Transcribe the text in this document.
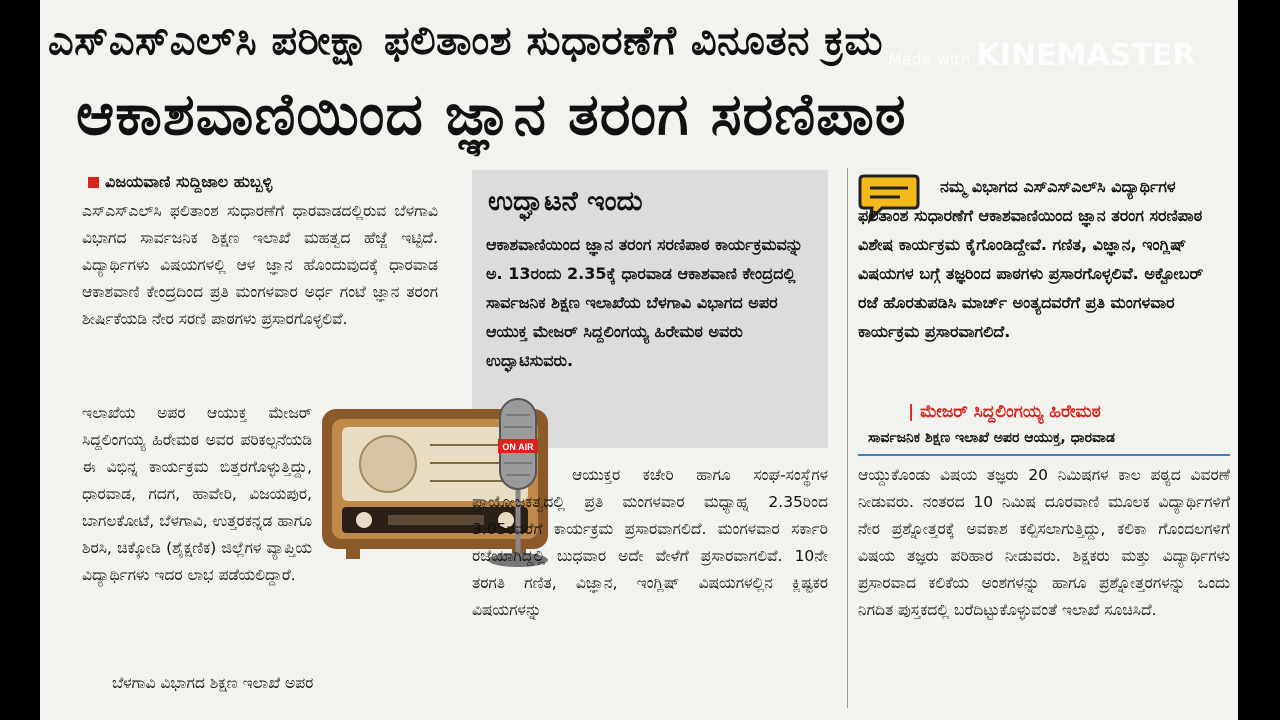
ಎಸ್‌ಎಸ್‌ಎಲ್‌ಸಿ ಪರೀಕ್ಷಾ ಫಲಿತಾಂಶ ಸುಧಾರಣೆಗೆ ವಿನೂತನ ಕ್ರಮ
ಆಕಾಶವಾಣಿಯಿಂದ ಜ್ಞಾನ ತರಂಗ ಸರಣಿಪಾಠ
Made with KINEMASTER
ವಿಜಯವಾಣಿ ಸುದ್ದಿಜಾಲ ಹುಬ್ಬಳ್ಳಿ

ಎಸ್‌ಎಸ್‌ಎಲ್‌ಸಿ ಫಲಿತಾಂಶ ಸುಧಾರಣೆಗೆ ಧಾರವಾಡದಲ್ಲಿರುವ ಬೆಳಗಾವಿ ವಿಭಾಗದ ಸಾರ್ವಜನಿಕ ಶಿಕ್ಷಣ ಇಲಾಖೆ ಮಹತ್ವದ ಹೆಜ್ಜೆ ಇಟ್ಟಿದೆ. ವಿದ್ಯಾರ್ಥಿಗಳು ವಿಷಯಗಳಲ್ಲಿ ಆಳ ಜ್ಞಾನ ಹೊಂದುವುದಕ್ಕೆ ಧಾರವಾಡ ಆಕಾಶವಾಣಿ ಕೇಂದ್ರದಿಂದ ಪ್ರತಿ ಮಂಗಳವಾರ ಅರ್ಧ ಗಂಟೆ ಜ್ಞಾನ ತರಂಗ ಶೀರ್ಷಿಕೆಯಡಿ ನೇರ ಸರಣಿ ಪಾಠಗಳು ಪ್ರಸಾರಗೊಳ್ಳಲಿವೆ.

ಇಲಾಖೆಯ ಅಪರ ಆಯುಕ್ತ ಮೇಜರ್ ಸಿದ್ದಲಿಂಗಯ್ಯ ಹಿರೇಮಠ ಅವರ ಪರಿಕಲ್ಪನೆಯಡಿ ಈ ವಿಭಿನ್ನ ಕಾರ್ಯಕ್ರಮ ಬಿತ್ತರಗೊಳ್ಳುತ್ತಿದ್ದು, ಧಾರವಾಡ, ಗದಗ, ಹಾವೇರಿ, ವಿಜಯಪುರ, ಬಾಗಲಕೋಟೆ, ಬೆಳಗಾವಿ, ಉತ್ತರಕನ್ನಡ ಹಾಗೂ ಶಿರಸಿ, ಚಿಕ್ಕೋಡಿ (ಶೈಕ್ಷಣಿಕ) ಜಿಲ್ಲೆಗಳ ವ್ಯಾಪ್ತಿಯ ವಿದ್ಯಾರ್ಥಿಗಳು ಇದರ ಲಾಭ ಪಡೆಯಲಿದ್ದಾರೆ.

ಬೆಳಗಾವಿ ವಿಭಾಗದ ಶಿಕ್ಷಣ ಇಲಾಖೆ ಅಪರ

ಉದ್ಘಾಟನೆ ಇಂದು
ಆಕಾಶವಾಣಿಯಿಂದ ಜ್ಞಾನ ತರಂಗ ಸರಣಿಪಾಠ ಕಾರ್ಯಕ್ರಮವನ್ನು ಅ. 13ರಂದು 2.35ಕ್ಕೆ ಧಾರವಾಡ ಆಕಾಶವಾಣಿ ಕೇಂದ್ರದಲ್ಲಿ ಸಾರ್ವಜನಿಕ ಶಿಕ್ಷಣ ಇಲಾಖೆಯ ಬೆಳಗಾವಿ ವಿಭಾಗದ ಅಪರ ಆಯುಕ್ತ ಮೇಜರ್ ಸಿದ್ದಲಿಂಗಯ್ಯ ಹಿರೇಮಠ ಅವರು ಉದ್ಘಾಟಿಸುವರು.
ON AIR

ಆಯುಕ್ತರ ಕಚೇರಿ ಹಾಗೂ ಸಂಘ-ಸಂಸ್ಥೆಗಳ ಪ್ರಾಯೋಜಕತ್ವದಲ್ಲಿ ಪ್ರತಿ ಮಂಗಳವಾರ ಮಧ್ಯಾಹ್ನ 2.35ರಿಂದ 3.05ರವರೆಗೆ ಕಾರ್ಯಕ್ರಮ ಪ್ರಸಾರವಾಗಲಿದೆ. ಮಂಗಳವಾರ ಸರ್ಕಾರಿ ರಜೆಯಾಗಿದ್ದಲ್ಲಿ ಬುಧವಾರ ಅದೇ ವೇಳೆಗೆ ಪ್ರಸಾರವಾಗಲಿವೆ. 10ನೇ ತರಗತಿ ಗಣಿತ, ವಿಜ್ಞಾನ, ಇಂಗ್ಲಿಷ್ ವಿಷಯಗಳಲ್ಲಿನ ಕ್ಲಿಷ್ಟಕರ ವಿಷಯಗಳನ್ನು

ನಮ್ಮ ವಿಭಾಗದ ಎಸ್‌ಎಸ್‌ಎಲ್‌ಸಿ ವಿದ್ಯಾರ್ಥಿಗಳ ಫಲಿತಾಂಶ ಸುಧಾರಣೆಗೆ ಆಕಾಶವಾಣಿಯಿಂದ ಜ್ಞಾನ ತರಂಗ ಸರಣಿಪಾಠ ವಿಶೇಷ ಕಾರ್ಯಕ್ರಮ ಕೈಗೊಂಡಿದ್ದೇವೆ. ಗಣಿತ, ವಿಜ್ಞಾನ, ಇಂಗ್ಲಿಷ್ ವಿಷಯಗಳ ಬಗ್ಗೆ ತಜ್ಞರಿಂದ ಪಾಠಗಳು ಪ್ರಸಾರಗೊಳ್ಳಲಿವೆ. ಅಕ್ಟೋಬರ್ ರಜೆ ಹೊರತುಪಡಿಸಿ ಮಾರ್ಚ್ ಅಂತ್ಯದವರೆಗೆ ಪ್ರತಿ ಮಂಗಳವಾರ ಕಾರ್ಯಕ್ರಮ ಪ್ರಸಾರವಾಗಲಿದೆ.
| ಮೇಜರ್ ಸಿದ್ದಲಿಂಗಯ್ಯ ಹಿರೇಮಠ
ಸಾರ್ವಜನಿಕ ಶಿಕ್ಷಣ ಇಲಾಖೆ ಅಪರ ಆಯುಕ್ತ, ಧಾರವಾಡ

ಆಯ್ದುಕೊಂಡು ವಿಷಯ ತಜ್ಞರು 20 ನಿಮಿಷಗಳ ಕಾಲ ಪಠ್ಯದ ವಿವರಣೆ ನೀಡುವರು. ನಂತರದ 10 ನಿಮಿಷ ದೂರವಾಣಿ ಮೂಲಕ ವಿದ್ಯಾರ್ಥಿಗಳಿಗೆ ನೇರ ಪ್ರಶ್ನೋತ್ತರಕ್ಕೆ ಅವಕಾಶ ಕಲ್ಪಿಸಲಾಗುತ್ತಿದ್ದು, ಕಲಿಕಾ ಗೊಂದಲಗಳಿಗೆ ವಿಷಯ ತಜ್ಞರು ಪರಿಹಾರ ನೀಡುವರು. ಶಿಕ್ಷಕರು ಮತ್ತು ವಿದ್ಯಾರ್ಥಿಗಳು ಪ್ರಸಾರವಾದ ಕಲಿಕೆಯ ಅಂಶಗಳನ್ನು ಹಾಗೂ ಪ್ರಶ್ನೋತ್ತರಗಳನ್ನು ಒಂದು ನಿಗದಿತ ಪುಸ್ತಕದಲ್ಲಿ ಬರೆದಿಟ್ಟುಕೊಳ್ಳುವಂತೆ ಇಲಾಖೆ ಸೂಚಿಸಿದೆ.
